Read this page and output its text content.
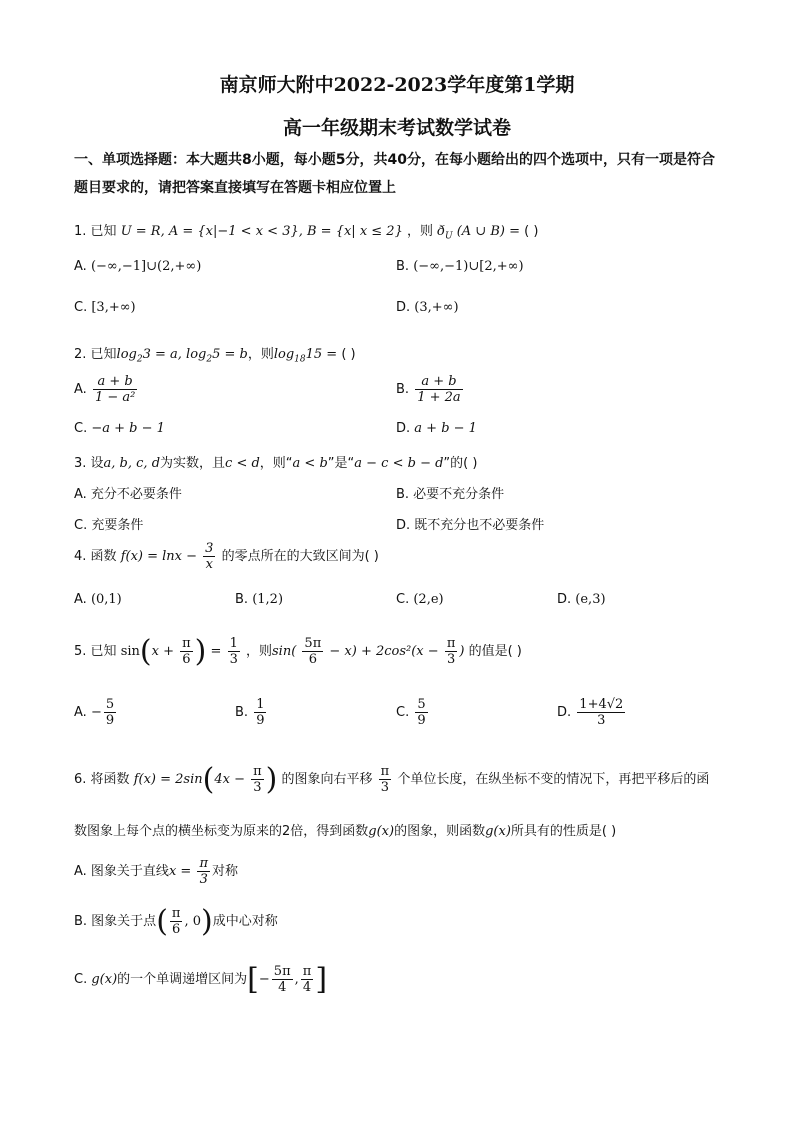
南京师大附中2022-2023学年度第1学期
高一年级期末考试数学试卷
一、单项选择题：本大题共8小题，每小题5分，共40分，在每小题给出的四个选项中，只有一项是符合题目要求的，请把答案直接填写在答题卡相应位置上
1. 已知 U = R, A = {x|−1 < x < 3}, B = {x| x ≤ 2} ，则 $ð_U$ (A ∪ B) = ( )
A. (−∞,−1]∪(2,+∞)	B. (−∞,−1)∪[2,+∞)
C. [3,+∞)	D. (3,+∞)
2. 已知$\log_23 = a$, $\log_25 = b$，则$\log_{18}15$ = ( )
A. $\frac{a + b}{\text{1 − a²}}$	B. $\frac{a + b}{1 + 2a}$
C. −a + b − 1	D. a + b − 1
3. 设a, b, c, d为实数，且c < d，则“a < b”是“a − c < b − d”的( )
A. 充分不必要条件	B. 必要不充分条件
C. 充要条件	D. 既不充分也不必要条件
4. 函数 $f(x) = \ln x - \frac{3}{x}$ 的零点所在的大致区间为( )
A. (0,1)	B. (1,2)	C. (2,e)	D. (e,3)
5. 已知 $\sin(x + \frac{\pi}{6}$ ) = $\frac{1}{3}$ ，则$\sin( \frac{5\pi}{6} - x) + 2\cos^2(x - \frac{\pi}{3}$ ) 的值是( )
A. − $\frac{5}{9}$	B. $\frac{1}{9}$	C. $\frac{5}{9}$	D. $\frac{1+4√2}{3}$
6. 将函数 $f(x) = 2\sin(4x - \frac{\pi}{3}$ ) 的图象向右平移 $\frac{\pi}{3}$ 个单位长度，在纵坐标不变的情况下，再把平移后的函
数图象上每个点的横坐标变为原来的2倍，得到函数g(x)的图象，则函数g(x)所具有的性质是( )
A. 图象关于直线$x = \frac{\pi}{3}$ 对称
B. 图象关于点( $\frac{\pi}{6}$ , 0)成中心对称
C. g(x)的一个单调递增区间为[− $\frac{5\pi}{4}$ , $\frac{\pi}{4}$ ]
